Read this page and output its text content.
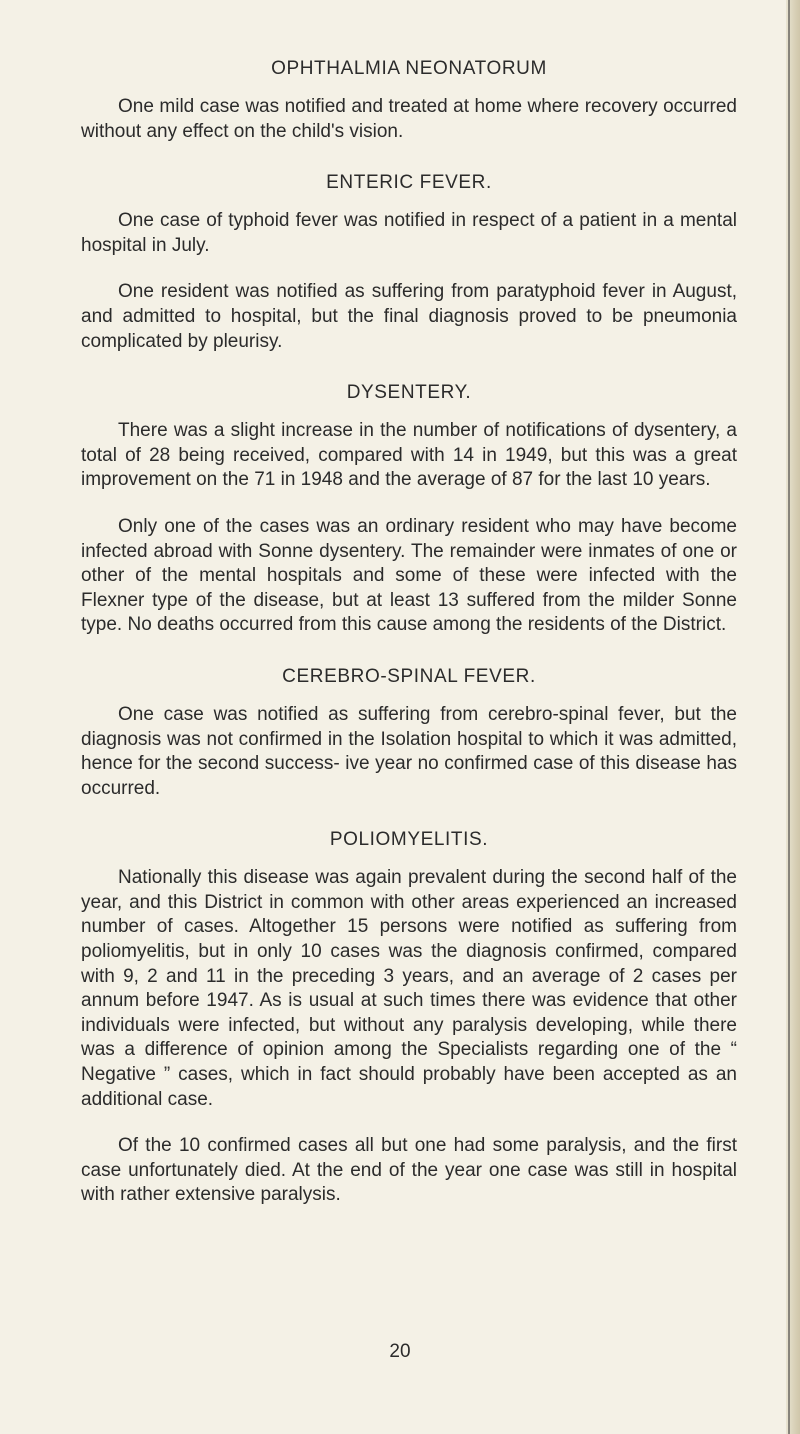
OPHTHALMIA NEONATORUM

One mild case was notified and treated at home where recovery occurred without any effect on the child's vision.

ENTERIC FEVER.

One case of typhoid fever was notified in respect of a patient in a mental hospital in July.

One resident was notified as suffering from paratyphoid fever in August, and admitted to hospital, but the final diagnosis proved to be pneumonia complicated by pleurisy.

DYSENTERY.

There was a slight increase in the number of notifications of dysentery, a total of 28 being received, compared with 14 in 1949, but this was a great improvement on the 71 in 1948 and the average of 87 for the last 10 years.

Only one of the cases was an ordinary resident who may have become infected abroad with Sonne dysentery. The remainder were inmates of one or other of the mental hospitals and some of these were infected with the Flexner type of the disease, but at least 13 suffered from the milder Sonne type. No deaths occurred from this cause among the residents of the District.

CEREBRO-SPINAL FEVER.

One case was notified as suffering from cerebro-spinal fever, but the diagnosis was not confirmed in the Isolation hospital to which it was admitted, hence for the second success- ive year no confirmed case of this disease has occurred.

POLIOMYELITIS.

Nationally this disease was again prevalent during the second half of the year, and this District in common with other areas experienced an increased number of cases. Altogether 15 persons were notified as suffering from poliomyelitis, but in only 10 cases was the diagnosis confirmed, compared with 9, 2 and 11 in the preceding 3 years, and an average of 2 cases per annum before 1947. As is usual at such times there was evidence that other individuals were infected, but without any paralysis developing, while there was a difference of opinion among the Specialists regarding one of the “ Negative ” cases, which in fact should probably have been accepted as an additional case.

Of the 10 confirmed cases all but one had some paralysis, and the first case unfortunately died. At the end of the year one case was still in hospital with rather extensive paralysis.

20
